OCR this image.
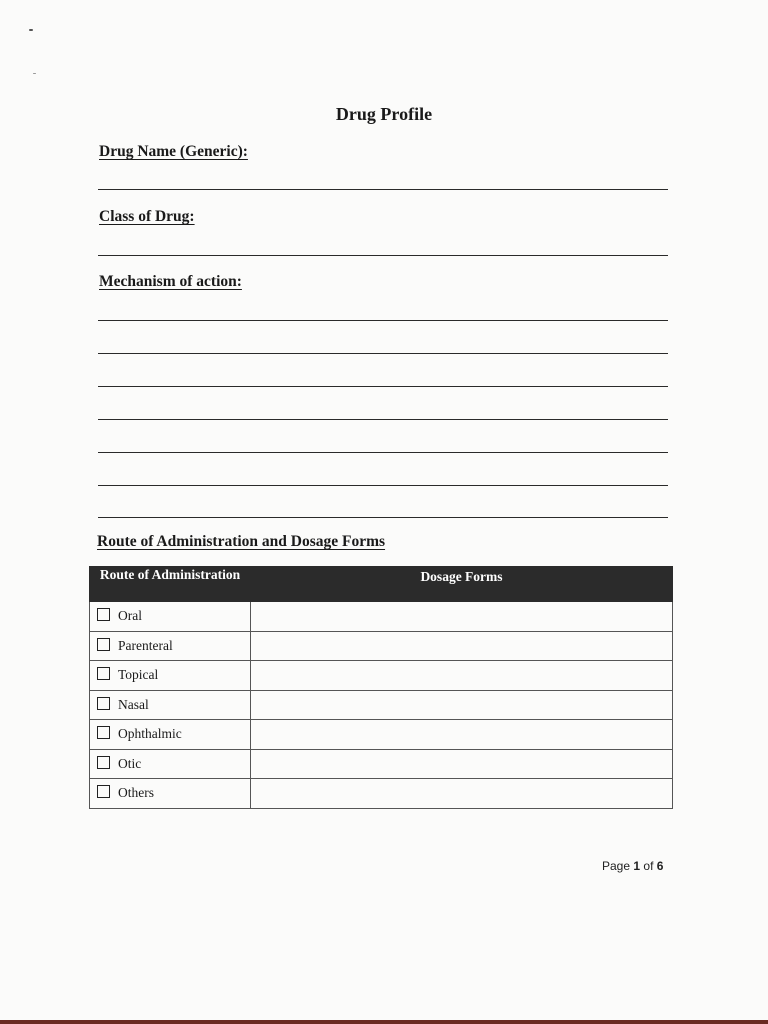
Drug Profile
Drug Name (Generic):
Class of Drug:
Mechanism of action:
Route of Administration and Dosage Forms
Route of Administration	Dosage Forms
Oral	
Parenteral	
Topical	
Nasal	
Ophthalmic	
Otic	
Others	
Page 1 of 6
